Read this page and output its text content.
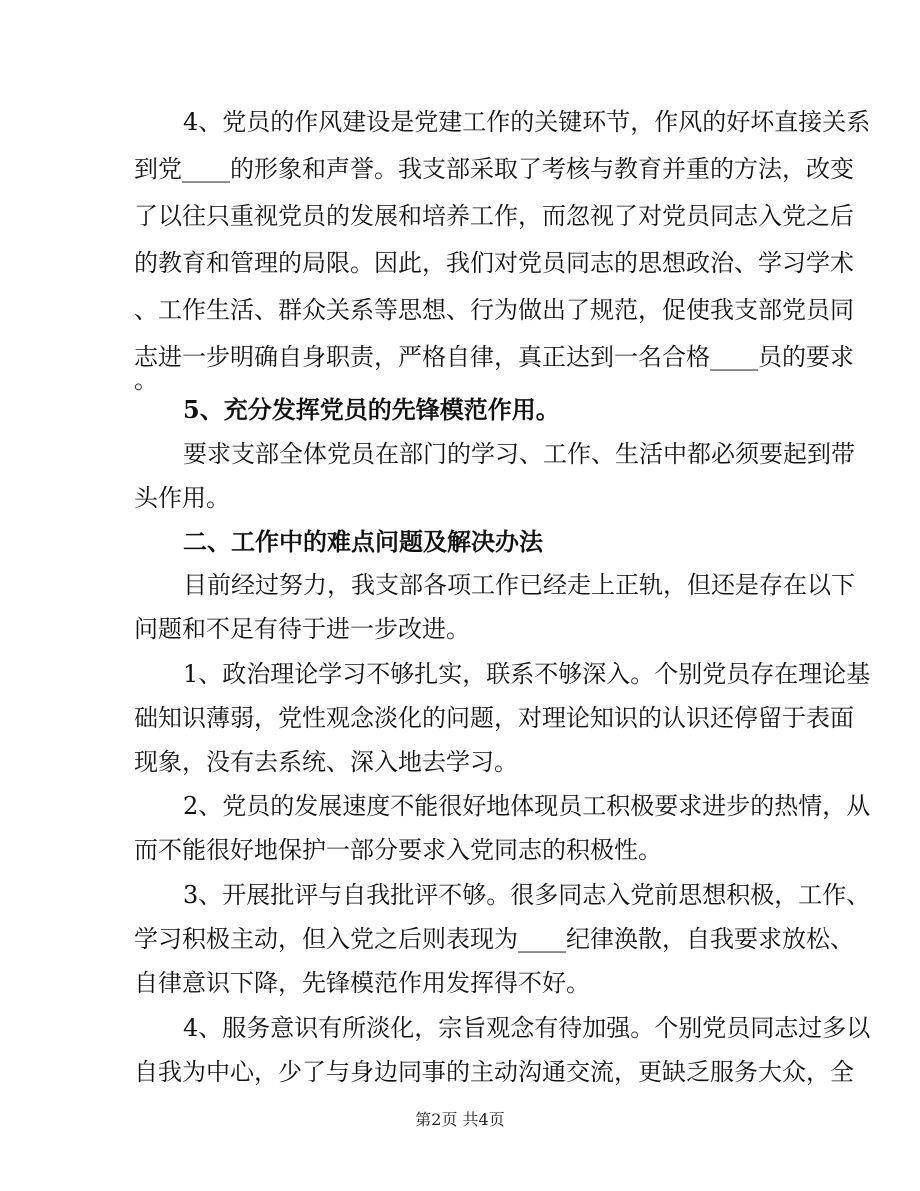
4、党员的作风建设是党建工作的关键环节，作风的好坏直接关系
到党____的形象和声誉。我支部采取了考核与教育并重的方法，改变
了以往只重视党员的发展和培养工作，而忽视了对党员同志入党之后
的教育和管理的局限。因此，我们对党员同志的思想政治、学习学术
、工作生活、群众关系等思想、行为做出了规范，促使我支部党员同
志进一步明确自身职责，严格自律，真正达到一名合格____员的要求
。
5、充分发挥党员的先锋模范作用。
要求支部全体党员在部门的学习、工作、生活中都必须要起到带
头作用。
二、工作中的难点问题及解决办法
目前经过努力，我支部各项工作已经走上正轨，但还是存在以下
问题和不足有待于进一步改进。
1、政治理论学习不够扎实，联系不够深入。个别党员存在理论基
础知识薄弱，党性观念淡化的问题，对理论知识的认识还停留于表面
现象，没有去系统、深入地去学习。
2、党员的发展速度不能很好地体现员工积极要求进步的热情，从
而不能很好地保护一部分要求入党同志的积极性。
3、开展批评与自我批评不够。很多同志入党前思想积极，工作、
学习积极主动，但入党之后则表现为____纪律涣散，自我要求放松、
自律意识下降，先锋模范作用发挥得不好。
4、服务意识有所淡化，宗旨观念有待加强。个别党员同志过多以
自我为中心，少了与身边同事的主动沟通交流，更缺乏服务大众，全
第2页 共4页
